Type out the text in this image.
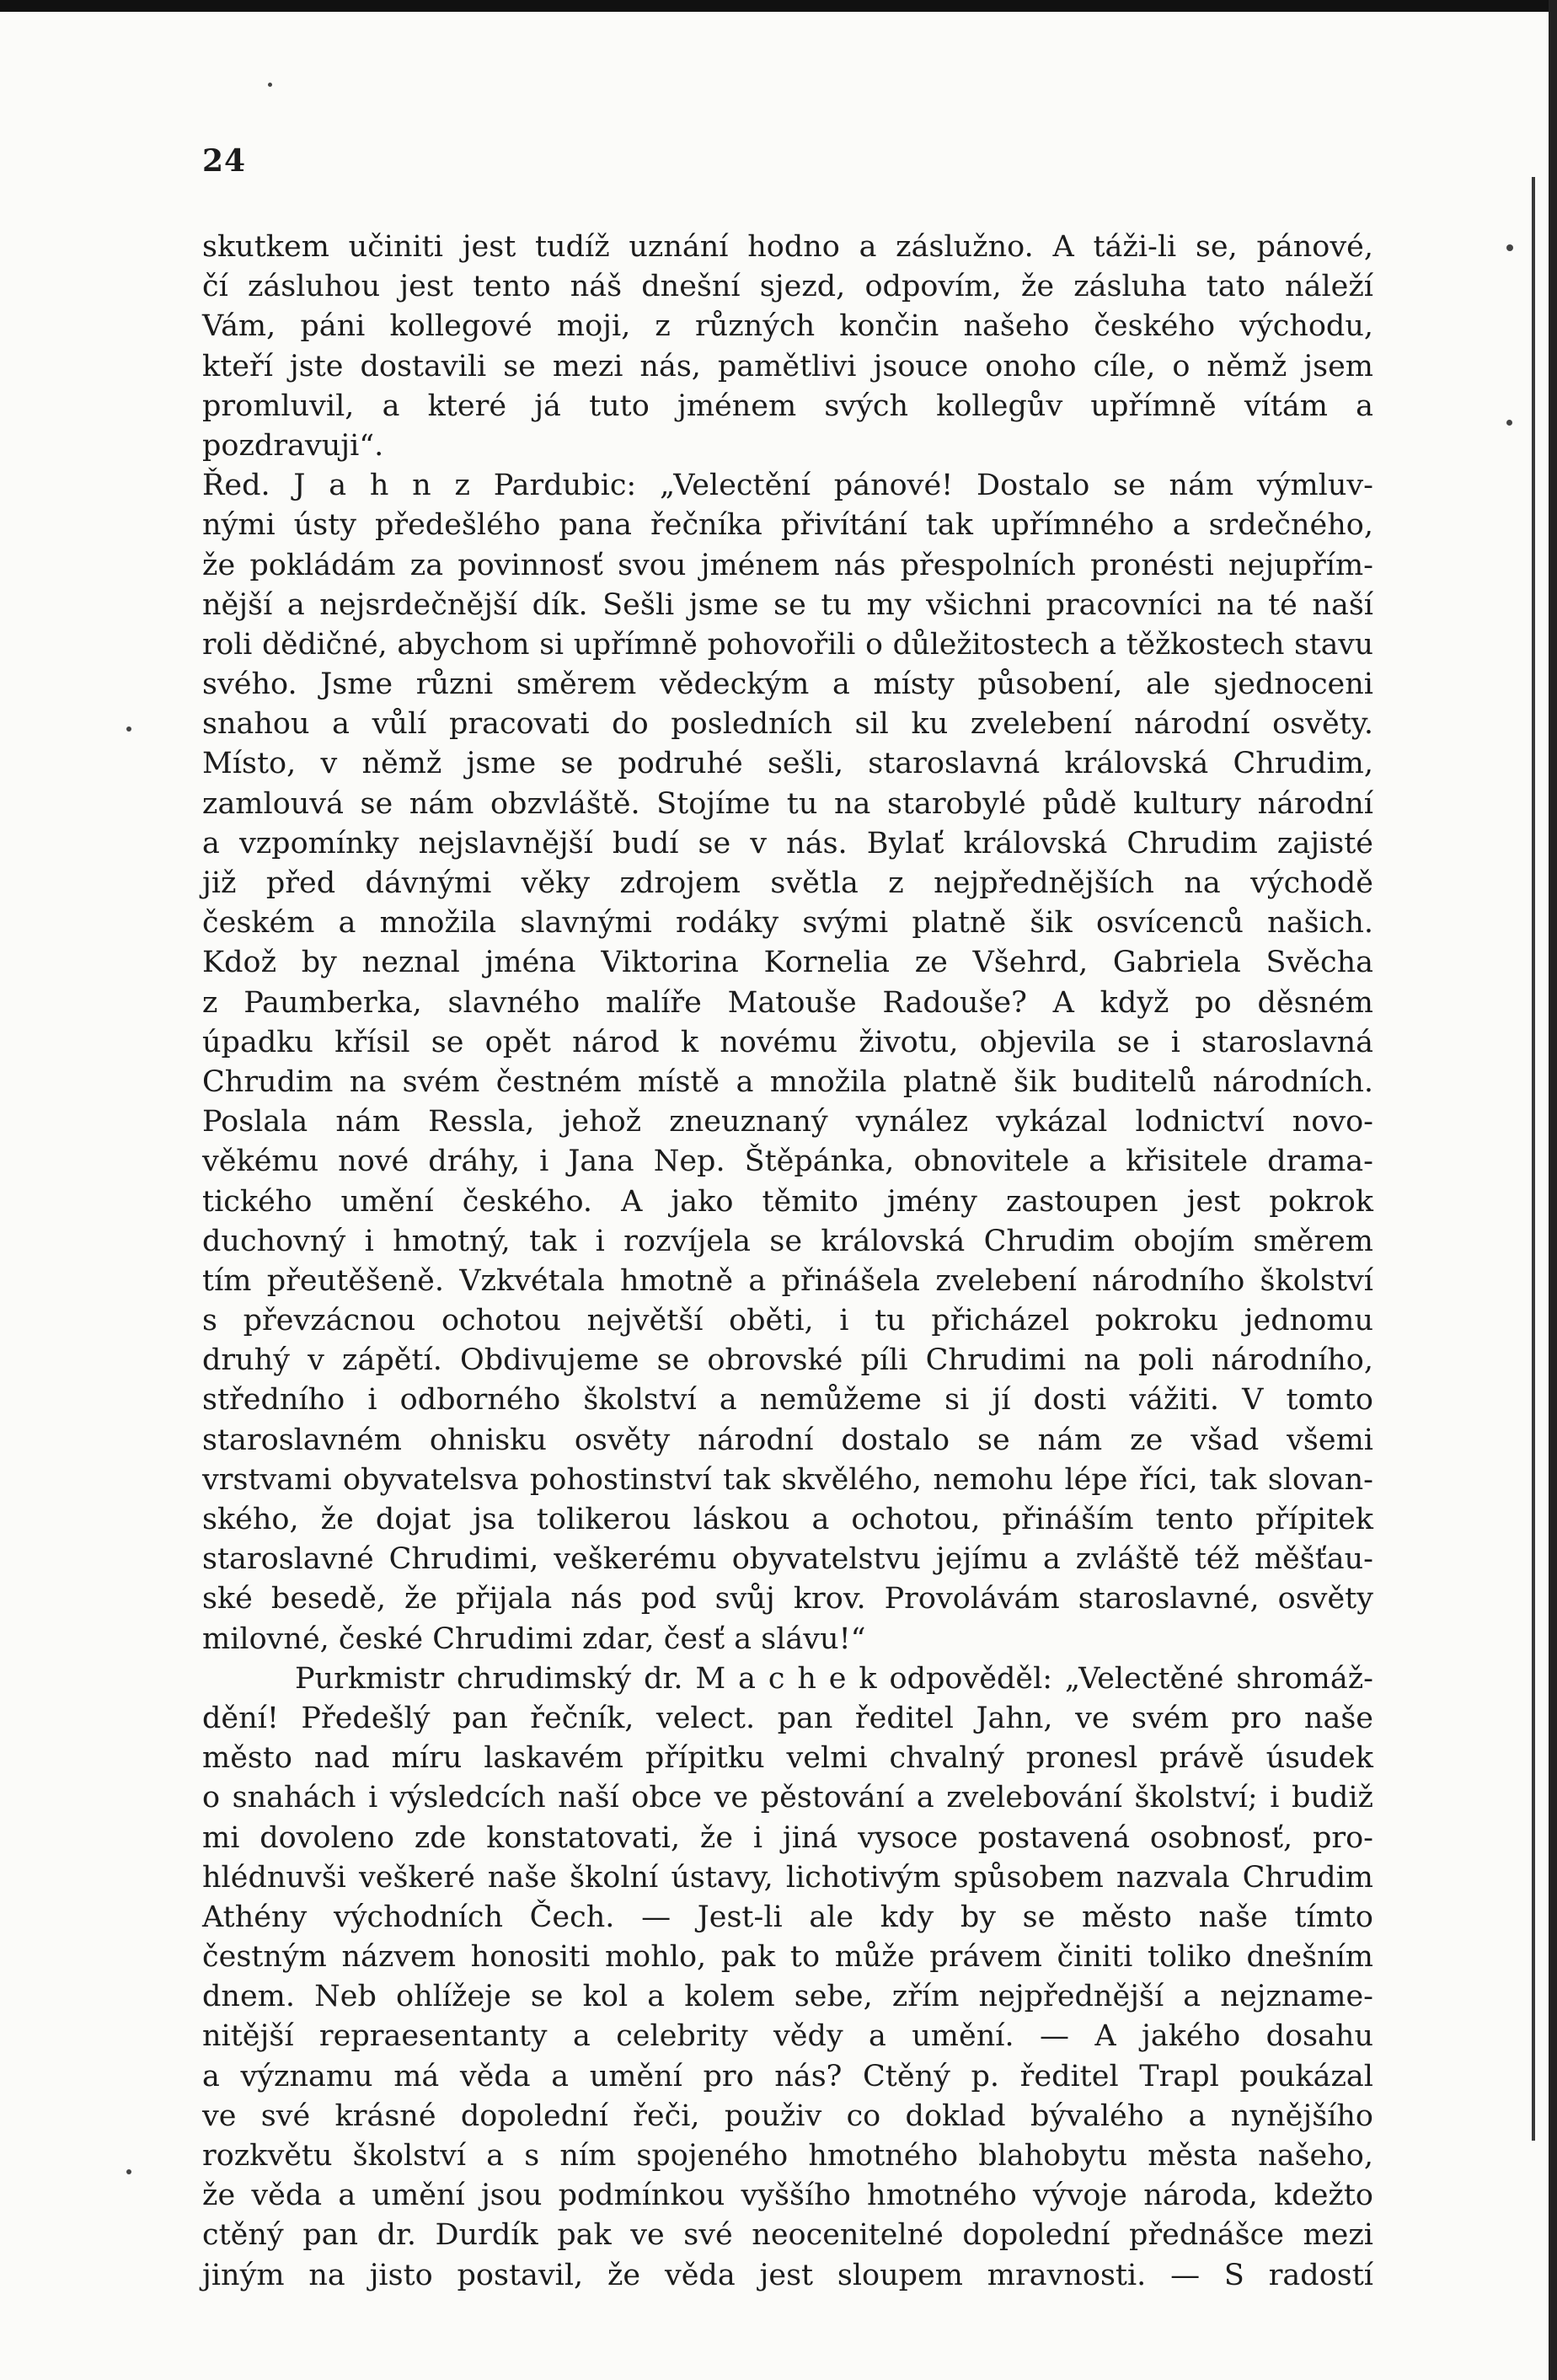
24
skutkem učiniti jest tudíž uznání hodno a záslužno. A táži-li se, pánové,
čí zásluhou jest tento náš dnešní sjezd, odpovím, že zásluha tato náleží
Vám, páni kollegové moji, z různých končin našeho českého východu,
kteří jste dostavili se mezi nás, pamětlivi jsouce onoho cíle, o němž jsem
promluvil, a které já tuto jménem svých kollegův upřímně vítám a
pozdravuji“.
Řed. J a h n z Pardubic: „Velectění pánové! Dostalo se nám výmluv-
nými ústy předešlého pana řečníka přivítání tak upřímného a srdečného,
že pokládám za povinnosť svou jménem nás přespolních pronésti nejupřím-
nější a nejsrdečnější dík. Sešli jsme se tu my všichni pracovníci na té naší
roli dědičné, abychom si upřímně pohovořili o důležitostech a těžkostech stavu
svého. Jsme různi směrem vědeckým a místy působení, ale sjednoceni
snahou a vůlí pracovati do posledních sil ku zvelebení národní osvěty.
Místo, v němž jsme se podruhé sešli, staroslavná královská Chrudim,
zamlouvá se nám obzvláště. Stojíme tu na starobylé půdě kultury národní
a vzpomínky nejslavnější budí se v nás. Bylať královská Chrudim zajisté
již před dávnými věky zdrojem světla z nejpřednějších na východě
českém a množila slavnými rodáky svými platně šik osvícenců našich.
Kdož by neznal jména Viktorina Kornelia ze Všehrd, Gabriela Svěcha
z Paumberka, slavného malíře Matouše Radouše? A když po děsném
úpadku křísil se opět národ k novému životu, objevila se i staroslavná
Chrudim na svém čestném místě a množila platně šik buditelů národních.
Poslala nám Ressla, jehož zneuznaný vynález vykázal lodnictví novo-
věkému nové dráhy, i Jana Nep. Štěpánka, obnovitele a křisitele drama-
tického umění českého. A jako těmito jmény zastoupen jest pokrok
duchovný i hmotný, tak i rozvíjela se královská Chrudim obojím směrem
tím přeutěšeně. Vzkvétala hmotně a přinášela zvelebení národního školství
s převzácnou ochotou největší oběti, i tu přicházel pokroku jednomu
druhý v zápětí. Obdivujeme se obrovské píli Chrudimi na poli národního,
středního i odborného školství a nemůžeme si jí dosti vážiti. V tomto
staroslavném ohnisku osvěty národní dostalo se nám ze všad všemi
vrstvami obyvatelsva pohostinství tak skvělého, nemohu lépe říci, tak slovan-
ského, že dojat jsa tolikerou láskou a ochotou, přináším tento přípitek
staroslavné Chrudimi, veškerému obyvatelstvu jejímu a zvláště též měšťau-
ské besedě, že přijala nás pod svůj krov. Provolávám staroslavné, osvěty
milovné, české Chrudimi zdar, česť a slávu!“
Purkmistr chrudimský dr. M a c h e k odpověděl: „Velectěné shromáž-
dění! Předešlý pan řečník, velect. pan ředitel Jahn, ve svém pro naše
město nad míru laskavém přípitku velmi chvalný pronesl právě úsudek
o snahách i výsledcích naší obce ve pěstování a zvelebování školství; i budiž
mi dovoleno zde konstatovati, že i jiná vysoce postavená osobnosť, pro-
hlédnuvši veškeré naše školní ústavy, lichotivým spůsobem nazvala Chrudim
Athény východních Čech. — Jest-li ale kdy by se město naše tímto
čestným názvem honositi mohlo, pak to může právem činiti toliko dnešním
dnem. Neb ohlížeje se kol a kolem sebe, zřím nejpřednější a nejzname-
nitější repraesentanty a celebrity vědy a umění. — A jakého dosahu
a významu má věda a umění pro nás? Ctěný p. ředitel Trapl poukázal
ve své krásné dopolední řeči, použiv co doklad bývalého a nynějšího
rozkvětu školství a s ním spojeného hmotného blahobytu města našeho,
že věda a umění jsou podmínkou vyššího hmotného vývoje národa, kdežto
ctěný pan dr. Durdík pak ve své neocenitelné dopolední přednášce mezi
jiným na jisto postavil, že věda jest sloupem mravnosti. — S radostí
